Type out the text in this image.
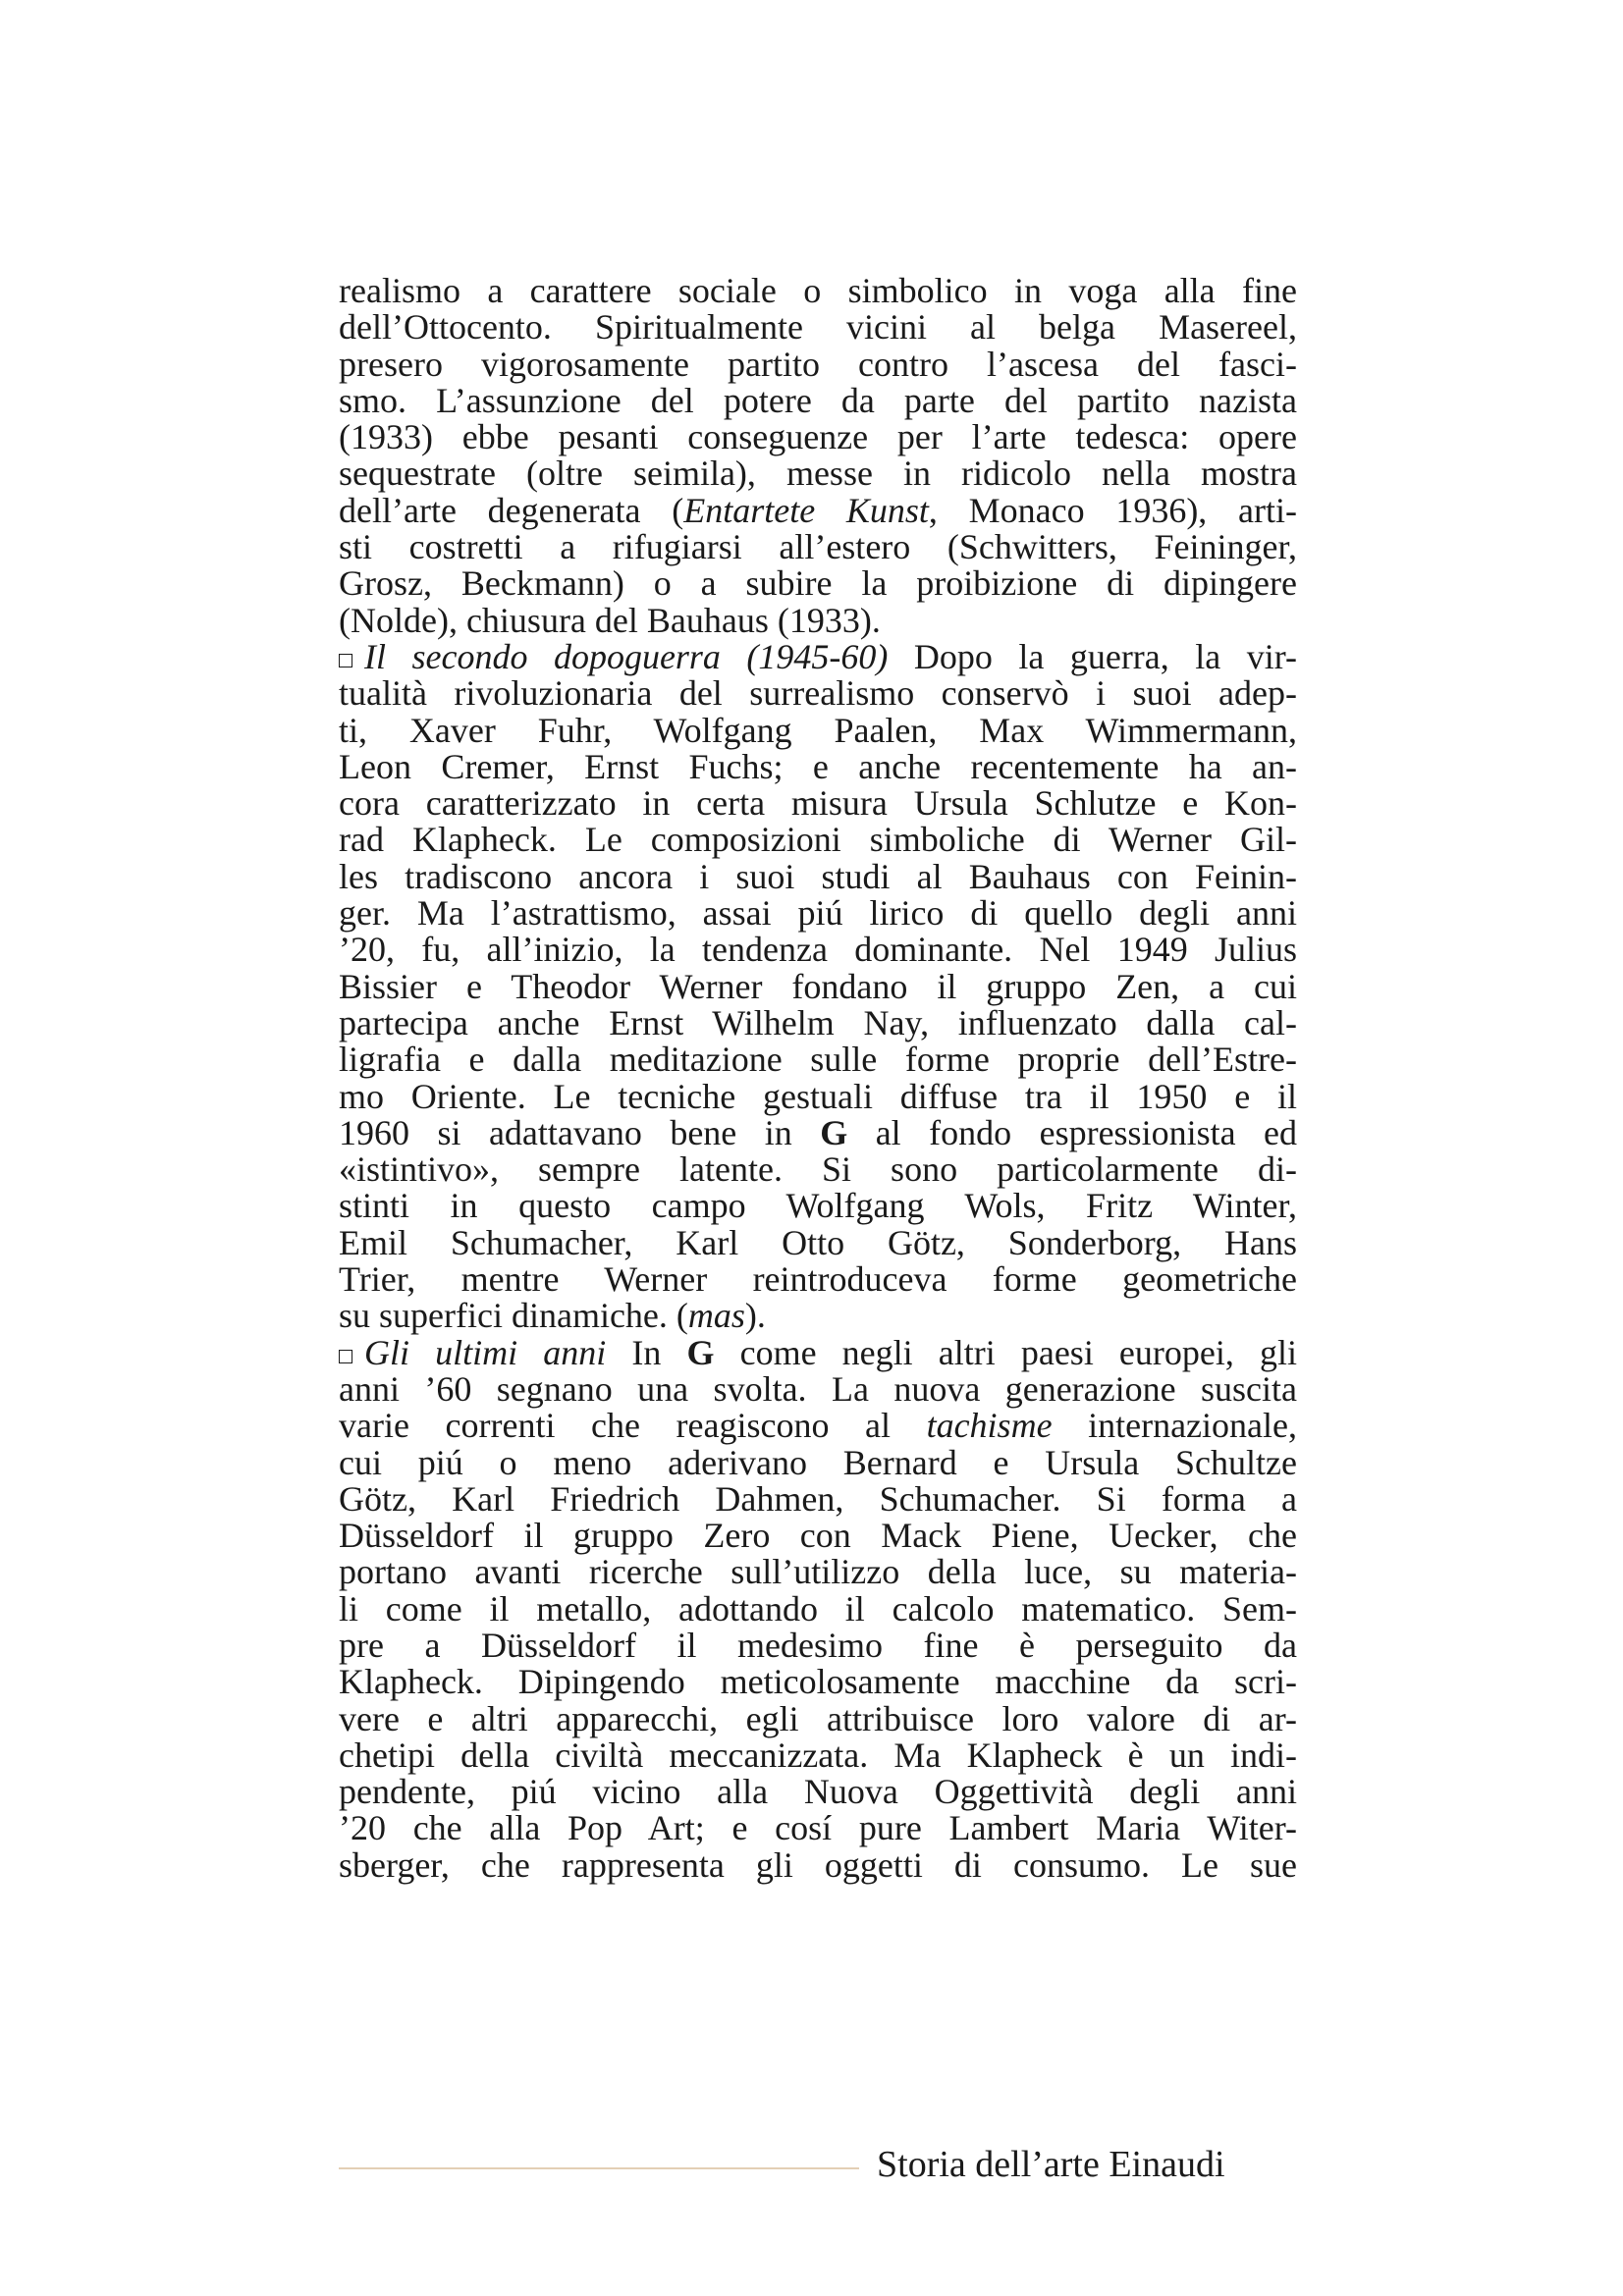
realismo a carattere sociale o simbolico in voga alla fine
dell’Ottocento. Spiritualmente vicini al belga Masereel,
presero vigorosamente partito contro l’ascesa del fasci-
smo. L’assunzione del potere da parte del partito nazista
(1933) ebbe pesanti conseguenze per l’arte tedesca: opere
sequestrate (oltre seimila), messe in ridicolo nella mostra
dell’arte degenerata (Entartete Kunst, Monaco 1936), arti-
sti costretti a rifugiarsi all’estero (Schwitters, Feininger,
Grosz, Beckmann) o a subire la proibizione di dipingere
(Nolde), chiusura del Bauhaus (1933).
Il secondo dopoguerra (1945-60) Dopo la guerra, la vir-
tualità rivoluzionaria del surrealismo conservò i suoi adep-
ti, Xaver Fuhr, Wolfgang Paalen, Max Wimmermann,
Leon Cremer, Ernst Fuchs; e anche recentemente ha an-
cora caratterizzato in certa misura Ursula Schlutze e Kon-
rad Klapheck. Le composizioni simboliche di Werner Gil-
les tradiscono ancora i suoi studi al Bauhaus con Feinin-
ger. Ma l’astrattismo, assai piú lirico di quello degli anni
’20, fu, all’inizio, la tendenza dominante. Nel 1949 Julius
Bissier e Theodor Werner fondano il gruppo Zen, a cui
partecipa anche Ernst Wilhelm Nay, influenzato dalla cal-
ligrafia e dalla meditazione sulle forme proprie dell’Estre-
mo Oriente. Le tecniche gestuali diffuse tra il 1950 e il
1960 si adattavano bene in G al fondo espressionista ed
«istintivo», sempre latente. Si sono particolarmente di-
stinti in questo campo Wolfgang Wols, Fritz Winter,
Emil Schumacher, Karl Otto Götz, Sonderborg, Hans
Trier, mentre Werner reintroduceva forme geometriche
su superfici dinamiche. (mas).
Gli ultimi anni In G come negli altri paesi europei, gli
anni ’60 segnano una svolta. La nuova generazione suscita
varie correnti che reagiscono al tachisme internazionale,
cui piú o meno aderivano Bernard e Ursula Schultze
Götz, Karl Friedrich Dahmen, Schumacher. Si forma a
Düsseldorf il gruppo Zero con Mack Piene, Uecker, che
portano avanti ricerche sull’utilizzo della luce, su materia-
li come il metallo, adottando il calcolo matematico. Sem-
pre a Düsseldorf il medesimo fine è perseguito da
Klapheck. Dipingendo meticolosamente macchine da scri-
vere e altri apparecchi, egli attribuisce loro valore di ar-
chetipi della civiltà meccanizzata. Ma Klapheck è un indi-
pendente, piú vicino alla Nuova Oggettività degli anni
’20 che alla Pop Art; e cosí pure Lambert Maria Witer-
sberger, che rappresenta gli oggetti di consumo. Le sue
Storia dell’arte Einaudi
